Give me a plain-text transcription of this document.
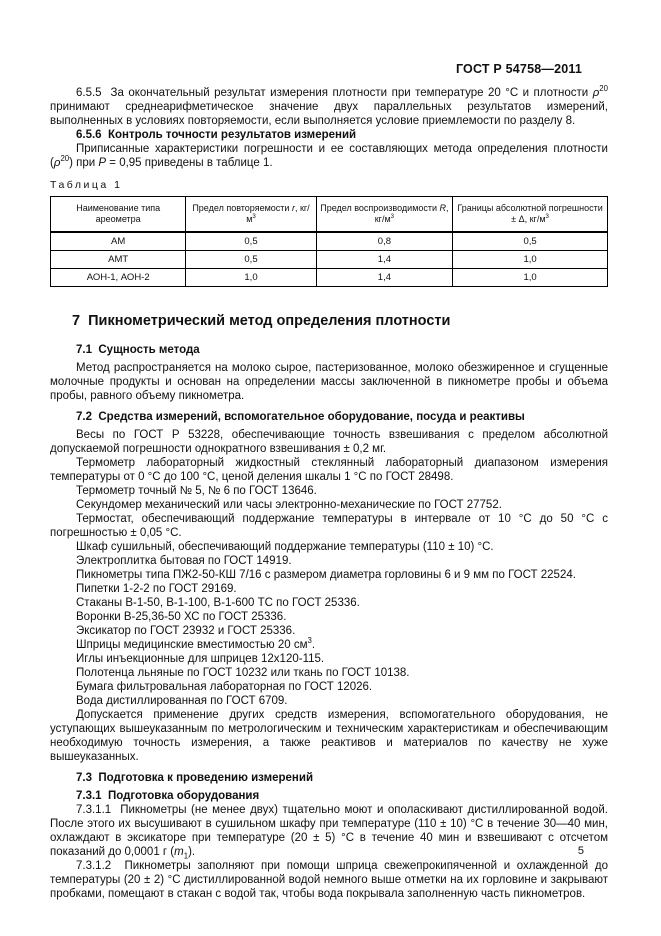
ГОСТ Р 54758—2011
6.5.5  За окончательный результат измерения плотности при температуре 20 °С и плотности $\rho^{20}$ принимают среднеарифметическое значение двух параллельных результатов измерений, выполненных в условиях повторяемости, если выполняется условие приемлемости по разделу 8.
6.5.6  Контроль точности результатов измерений
Приписанные характеристики погрешности и ее составляющих метода определения плотности $(\rho^{20})$ при P = 0,95 приведены в таблице 1.
Таблица 1
Наименование типа ареометра	Предел повторяемости r, $кг/м^3$	Предел воспроизводимости R, $кг/м^3$	Границы абсолютной погрешности ± Δ, $кг/м^3$
АМ	0,5	0,8	0,5
АМТ	0,5	1,4	1,0
АОН-1, АОН-2	1,0	1,4	1,0
7  Пикнометрический метод определения плотности
7.1  Сущность метода
Метод распространяется на молоко сырое, пастеризованное, молоко обезжиренное и сгущенные молочные продукты и основан на определении массы заключенной в пикнометре пробы и объема пробы, равного объему пикнометра.
7.2  Средства измерений, вспомогательное оборудование, посуда и реактивы
Весы по ГОСТ Р 53228, обеспечивающие точность взвешивания с пределом абсолютной допускаемой погрешности однократного взвешивания ± 0,2 мг.
Термометр лабораторный жидкостный стеклянный лабораторный диапазоном измерения температуры от 0 °С до 100 °С, ценой деления шкалы 1 °С по ГОСТ 28498.
Термометр точный № 5, № 6 по ГОСТ 13646.
Секундомер механический или часы электронно-механические по ГОСТ 27752.
Термостат, обеспечивающий поддержание температуры в интервале от 10 °С до 50 °С с погрешностью ± 0,05 °С.
Шкаф сушильный, обеспечивающий поддержание температуры (110 ± 10) °С.
Электроплитка бытовая по ГОСТ 14919.
Пикнометры типа ПЖ2-50-КШ 7/16 с размером диаметра горловины 6 и 9 мм по ГОСТ 22524.
Пипетки 1-2-2 по ГОСТ 29169.
Стаканы В-1-50, В-1-100, В-1-600 ТС по ГОСТ 25336.
Воронки В-25,36-50 ХС по ГОСТ 25336.
Эксикатор по ГОСТ 23932 и ГОСТ 25336.
Шприцы медицинские вместимостью 20 $см^3$.
Иглы инъекционные для шприцев 12х120-115.
Полотенца льняные по ГОСТ 10232 или ткань по ГОСТ 10138.
Бумага фильтровальная лабораторная по ГОСТ 12026.
Вода дистиллированная по ГОСТ 6709.
Допускается применение других средств измерения, вспомогательного оборудования, не уступающих вышеуказанным по метрологическим и техническим характеристикам и обеспечивающим необходимую точность измерения, а также реактивов и материалов по качеству не хуже вышеуказанных.
7.3  Подготовка к проведению измерений
7.3.1  Подготовка оборудования
7.3.1.1  Пикнометры (не менее двух) тщательно моют и ополаскивают дистиллированной водой. После этого их высушивают в сушильном шкафу при температуре (110 ± 10) °С в течение 30—40 мин, охлаждают в эксикаторе при температуре (20 ± 5) °С в течение 40 мин и взвешивают с отсчетом показаний до 0,0001 г $(m_1)$.
7.3.1.2  Пикнометры заполняют при помощи шприца свежепрокипяченной и охлажденной до температуры (20 ± 2) °С дистиллированной водой немного выше отметки на их горловине и закрывают пробками, помещают в стакан с водой так, чтобы вода покрывала заполненную часть пикнометров.
5
